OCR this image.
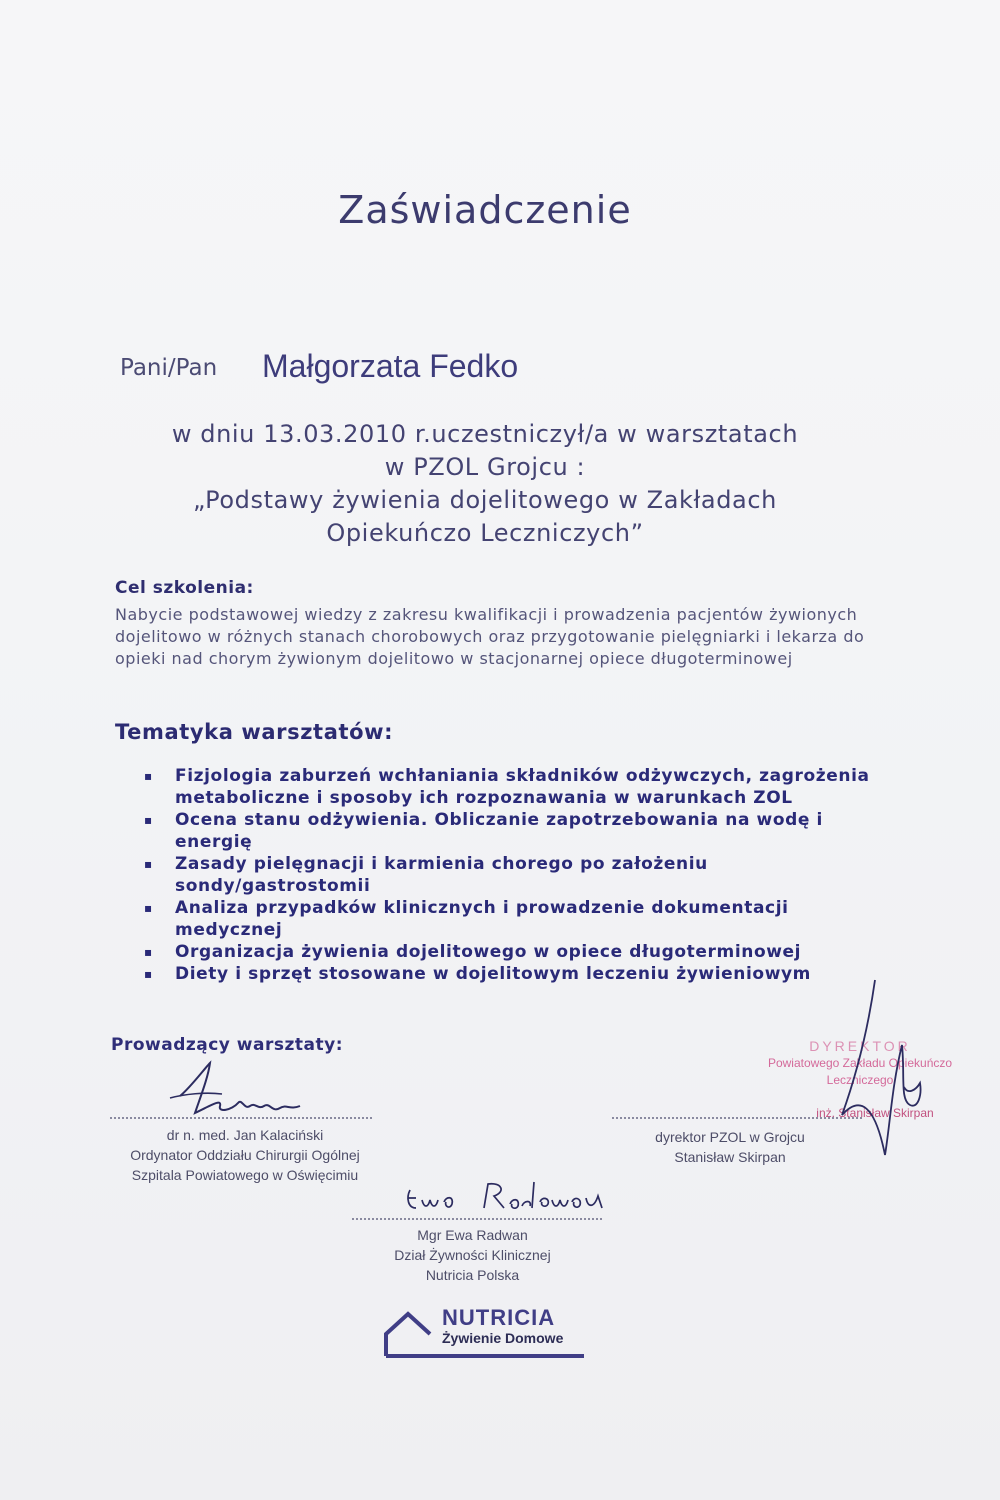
Zaświadczenie
Pani/Pan Małgorzata Fedko
w dniu 13.03.2010 r.uczestniczył/a w warsztatach
w PZOL Grojcu :
„Podstawy żywienia dojelitowego w Zakładach
Opiekuńczo Leczniczych”
Cel szkolenia:
Nabycie podstawowej wiedzy z zakresu kwalifikacji i prowadzenia pacjentów żywionych dojelitowo w różnych stanach chorobowych oraz przygotowanie pielęgniarki i lekarza do opieki nad chorym żywionym dojelitowo w stacjonarnej opiece długoterminowej
Tematyka warsztatów:
▪ Fizjologia zaburzeń wchłaniania składników odżywczych, zagrożenia metaboliczne i sposoby ich rozpoznawania w warunkach ZOL
▪ Ocena stanu odżywienia. Obliczanie zapotrzebowania na wodę i energię
▪ Zasady pielęgnacji i karmienia chorego po założeniu sondy/gastrostomii
▪ Analiza przypadków klinicznych i prowadzenie dokumentacji medycznej
▪ Organizacja żywienia dojelitowego w opiece długoterminowej
▪ Diety i sprzęt stosowane w dojelitowym leczeniu żywieniowym
Prowadzący warsztaty:
dr n. med. Jan Kalaciński
Ordynator Oddziału Chirurgii Ogólnej
Szpitala Powiatowego w Oświęcimiu
DYREKTOR
Powiatowego Zakładu Opiekuńczo
Leczniczego
inż. Stanisław Skirpan
dyrektor PZOL w Grojcu
Stanisław Skirpan
Mgr Ewa Radwan
Dział Żywności Klinicznej
Nutricia Polska
NUTRICIA
Żywienie Domowe
